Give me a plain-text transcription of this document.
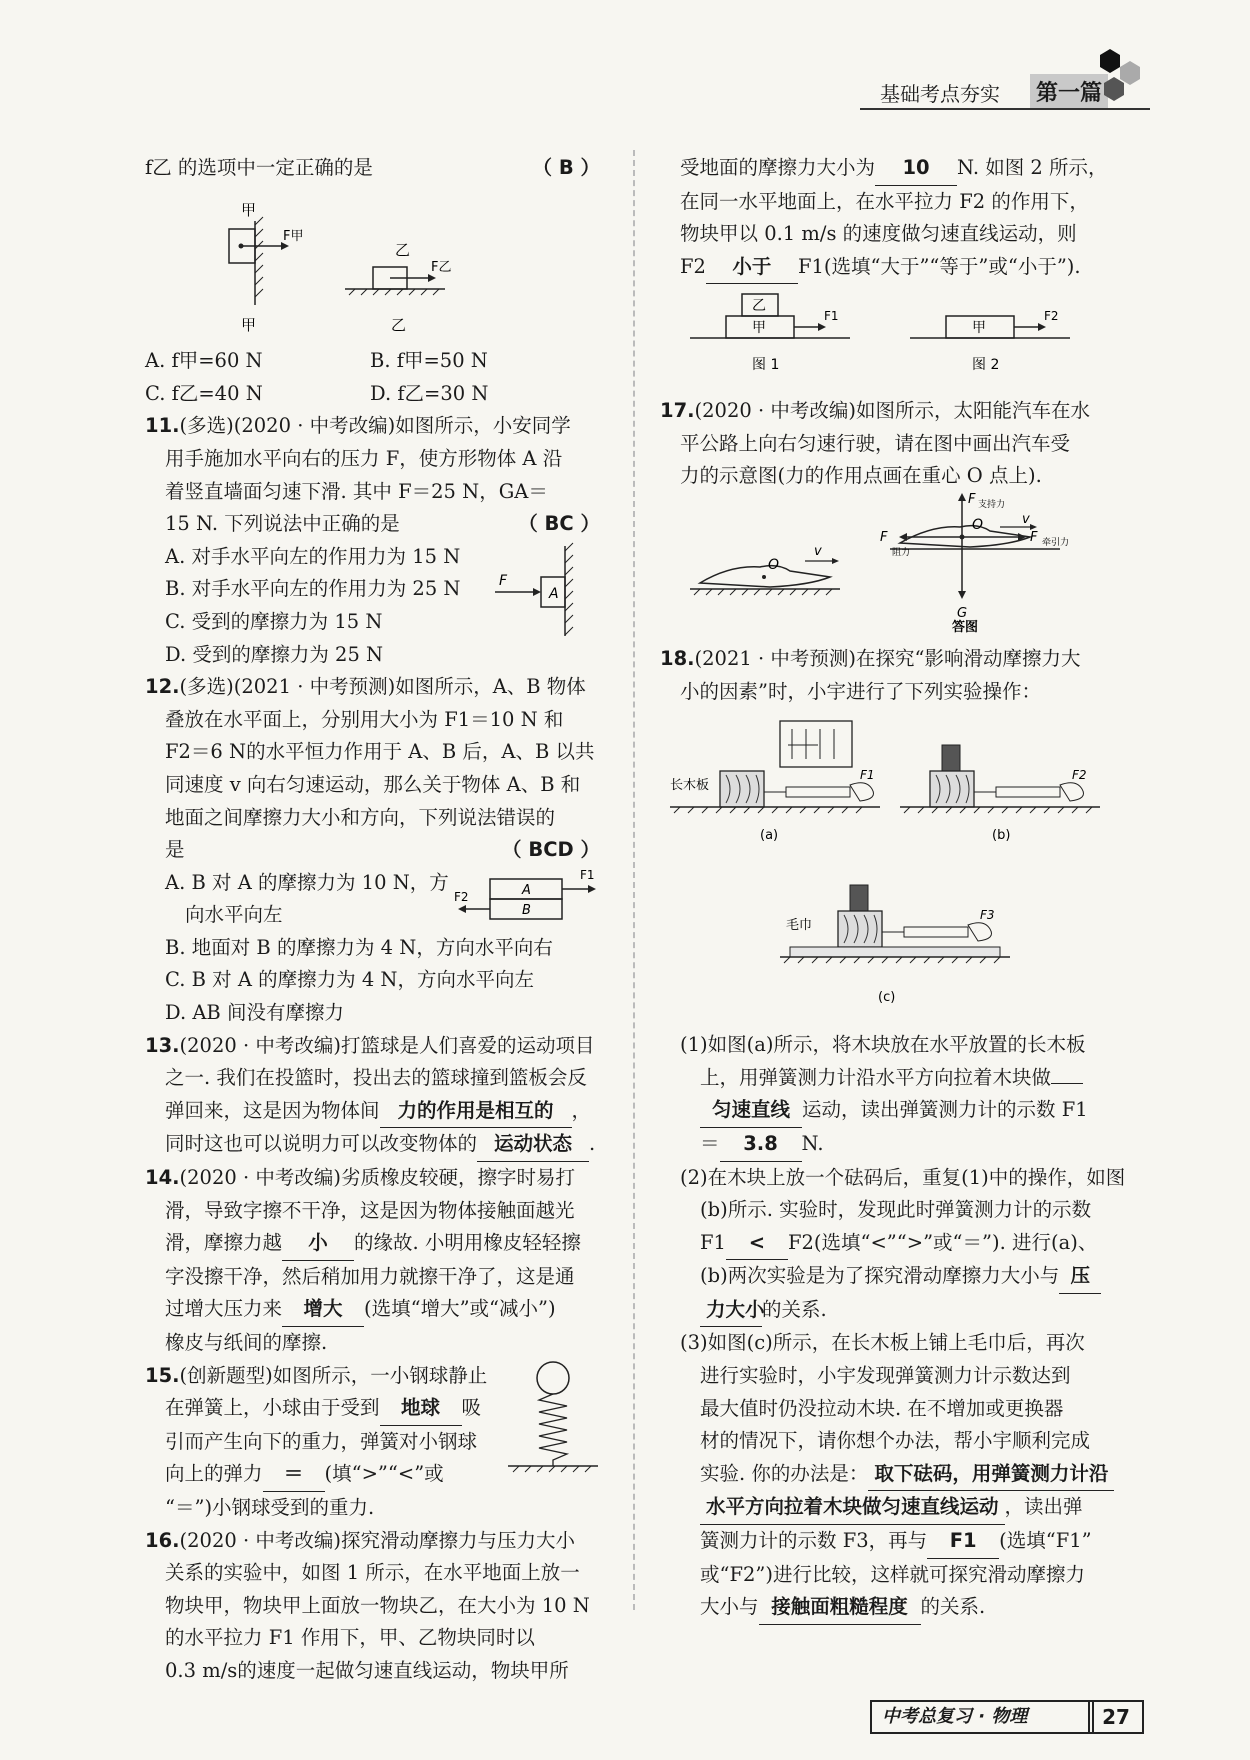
基础考点夯实 第一篇

f乙 的选项中一定正确的是	（ B ）

甲
F甲
甲
乙
F乙
乙

A. f甲=60 N	B. f甲=50 N

C. f乙=40 N	D. f乙=30 N

11.(多选)(2020 · 中考改编)如图所示，小安同学

用手施加水平向右的压力 F，使方形物体 A 沿

着竖直墙面匀速下滑. 其中 F＝25 N，GA＝

15 N. 下列说法中正确的是	（ BC ）

A. 对手水平向左的作用力为 15 N

B. 对手水平向左的作用力为 25 N

C. 受到的摩擦力为 15 N

D. 受到的摩擦力为 25 N

A
F

12.(多选)(2021 · 中考预测)如图所示，A、B 物体

叠放在水平面上，分别用大小为 F1＝10 N 和

F2＝6 N的水平恒力作用于 A、B 后，A、B 以共

同速度 v 向右匀速运动，那么关于物体 A、B 和

地面之间摩擦力大小和方向，下列说法错误的

是	（ BCD ）

A. B 对 A 的摩擦力为 10 N，方

向水平向左

A
B
F1
F2

B. 地面对 B 的摩擦力为 4 N，方向水平向右

C. B 对 A 的摩擦力为 4 N，方向水平向左

D. AB 间没有摩擦力

13.(2020 · 中考改编)打篮球是人们喜爱的运动项目

之一. 我们在投篮时，投出去的篮球撞到篮板会反

弹回来，这是因为物体间 力的作用是相互的 ，

同时这也可以说明力可以改变物体的 运动状态 .

14.(2020 · 中考改编)劣质橡皮较硬，擦字时易打

滑，导致字擦不干净，这是因为物体接触面越光

滑，摩擦力越 小 的缘故. 小明用橡皮轻轻擦

字没擦干净，然后稍加用力就擦干净了，这是通

过增大压力来 增大 (选填“增大”或“减小”)

橡皮与纸间的摩擦.

15.(创新题型)如图所示，一小钢球静止

在弹簧上，小球由于受到 地球 吸

引而产生向下的重力，弹簧对小钢球

向上的弹力 ＝ (填“>”“<”或

“＝”)小钢球受到的重力.

16.(2020 · 中考改编)探究滑动摩擦力与压力大小

关系的实验中，如图 1 所示，在水平地面上放一

物块甲，物块甲上面放一物块乙，在大小为 10 N

的水平拉力 F1 作用下，甲、乙物块同时以

0.3 m/s的速度一起做匀速直线运动，物块甲所

受地面的摩擦力大小为 10 N. 如图 2 所示，

在同一水平地面上，在水平拉力 F2 的作用下，

物块甲以 0.1 m/s 的速度做匀速直线运动，则

F2 小于 F1(选填“大于”“等于”或“小于”).

乙
甲
F1
图 1
甲
F2
图 2

17.(2020 · 中考改编)如图所示，太阳能汽车在水

平公路上向右匀速行驶，请在图中画出汽车受

力的示意图(力的作用点画在重心 O 点上).

O
v
F 支持力
G
F
阻力
F 牵引力
O	v
答图

18.(2021 · 中考预测)在探究“影响滑动摩擦力大

小的因素”时，小宇进行了下列实验操作：

长木板
F1
(a)
F2
(b)
毛巾
F3
(c)

(1)如图(a)所示，将木块放在水平放置的长木板

上，用弹簧测力计沿水平方向拉着木块做

匀速直线 运动，读出弹簧测力计的示数 F1

＝ 3.8 N.

(2)在木块上放一个砝码后，重复(1)中的操作，如图

(b)所示. 实验时，发现此时弹簧测力计的示数

F1 < F2(选填“<”“>”或“＝”). 进行(a)、

(b)两次实验是为了探究滑动摩擦力大小与 压

力大小的关系.

(3)如图(c)所示，在长木板上铺上毛巾后，再次

进行实验时，小宇发现弹簧测力计示数达到

最大值时仍没拉动木块. 在不增加或更换器

材的情况下，请你想个办法，帮小宇顺利完成

实验. 你的办法是： 取下砝码，用弹簧测力计沿

水平方向拉着木块做匀速直线运动 ，读出弹

簧测力计的示数 F3，再与 F1 (选填“F1”

或“F2”)进行比较，这样就可探究滑动摩擦力

大小与 接触面粗糙程度 的关系.

中考总复习 · 物理	27
